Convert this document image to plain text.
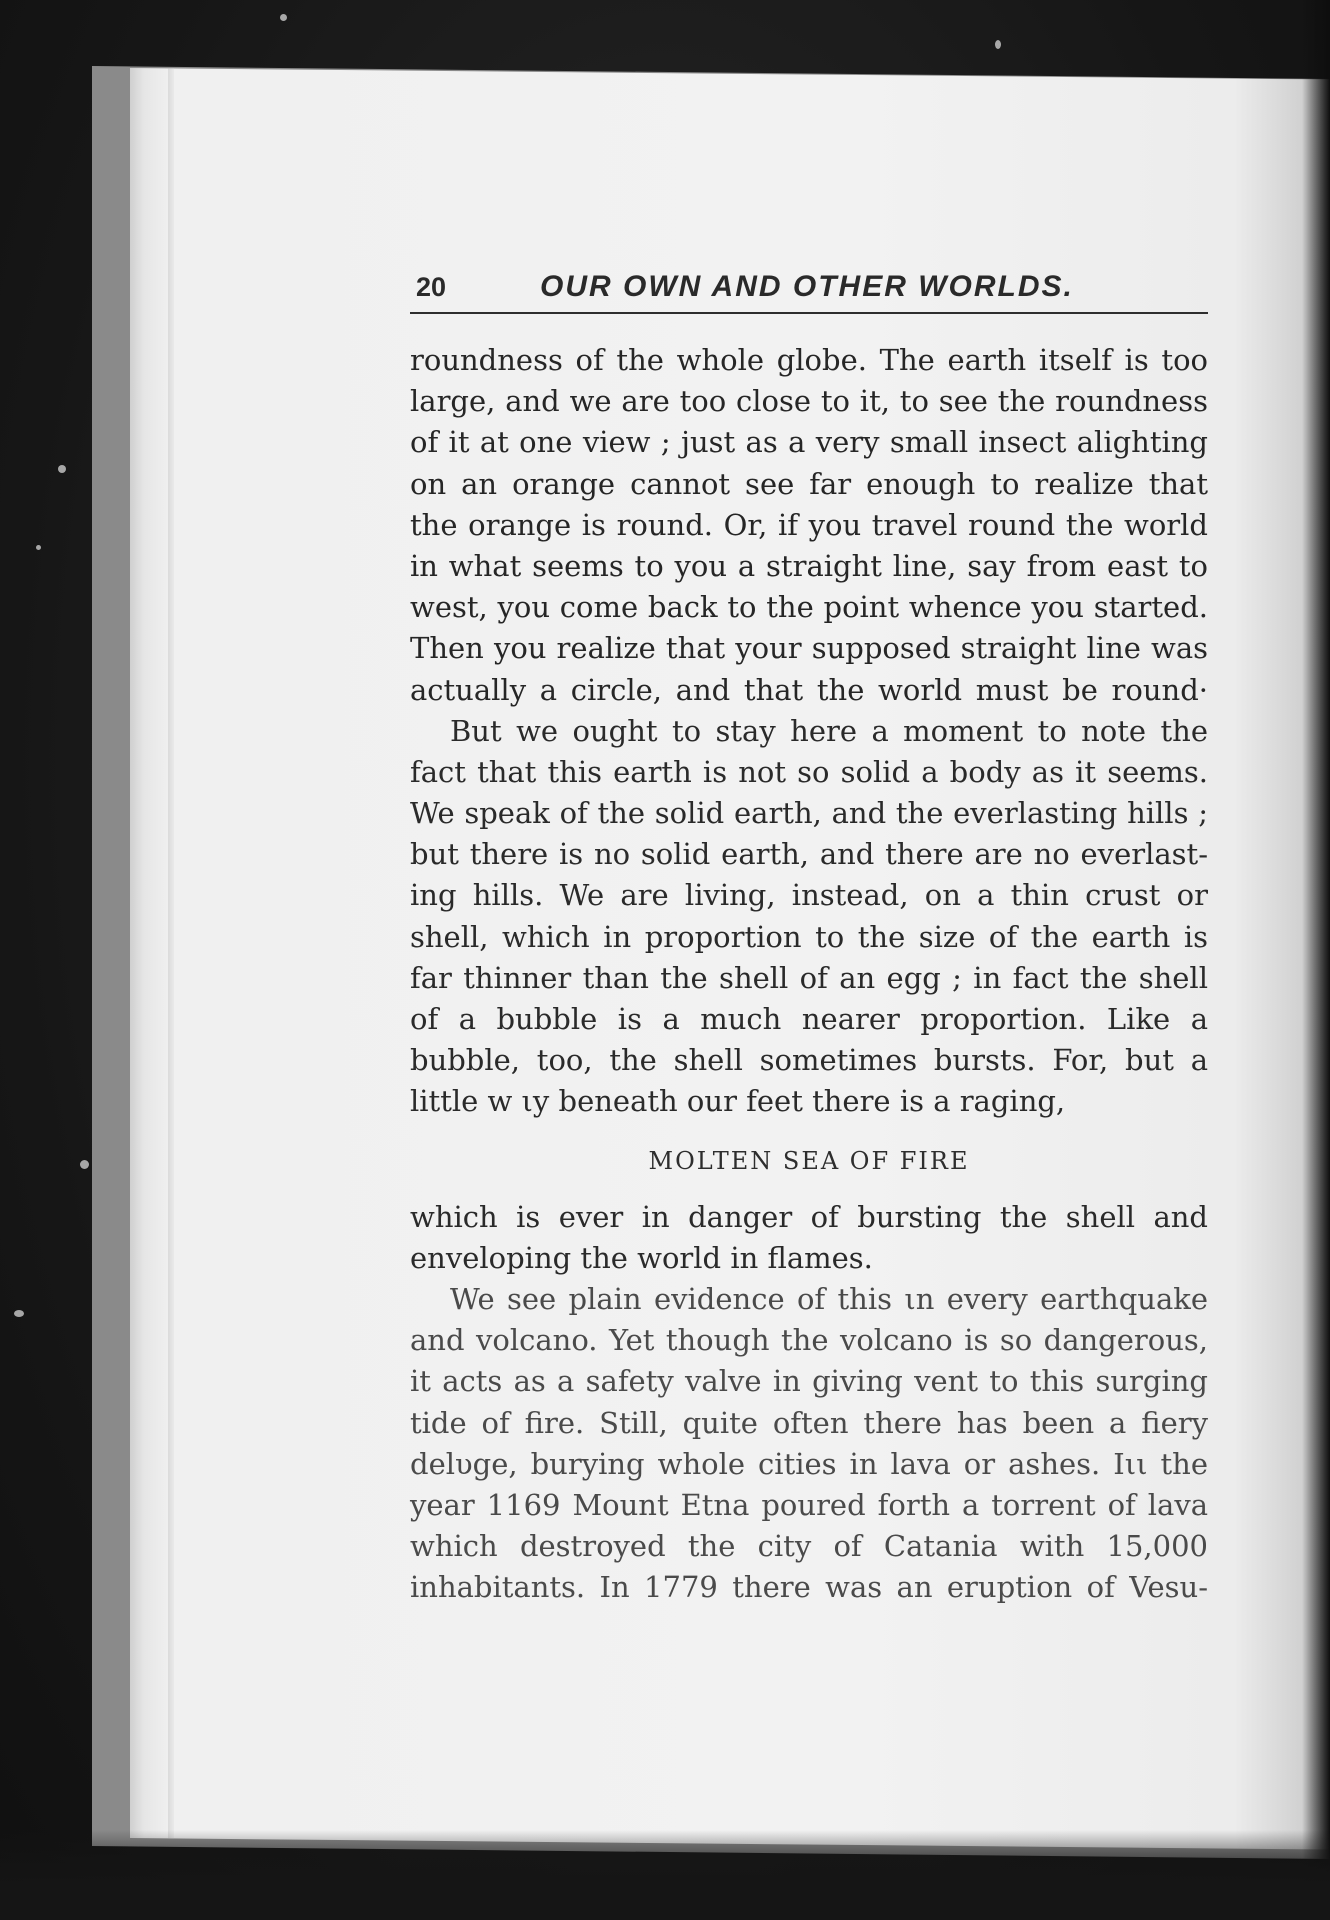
20	OUR OWN AND OTHER WORLDS.
roundness of the whole globe. The earth itself is too
large, and we are too close to it, to see the roundness
of it at one view ; just as a very small insect alighting
on an orange cannot see far enough to realize that
the orange is round. Or, if you travel round the world
in what seems to you a straight line, say from east to
west, you come back to the point whence you started.
Then you realize that your supposed straight line was
actually a circle, and that the world must be round·
But we ought to stay here a moment to note the
fact that this earth is not so solid a body as it seems.
We speak of the solid earth, and the everlasting hills ;
but there is no solid earth, and there are no everlast-
ing hills. We are living, instead, on a thin crust or
shell, which in proportion to the size of the earth is
far thinner than the shell of an egg ; in fact the shell
of a bubble is a much nearer proportion. Like a
bubble, too, the shell sometimes bursts. For, but a
little w ιy beneath our feet there is a raging,
MOLTEN SEA OF FIRE
which is ever in danger of bursting the shell and
enveloping the world in flames.
We see plain evidence of this ιn every earthquake
and volcano. Yet though the volcano is so dangerous,
it acts as a safety valve in giving vent to this surging
tide of fire. Still, quite often there has been a fiery
delυge, burying whole cities in lava or ashes. Iιι the
year 1169 Mount Etna poured forth a torrent of lava
which destroyed the city of Catania with 15,000
inhabitants. In 1779 there was an eruption of Vesu-
